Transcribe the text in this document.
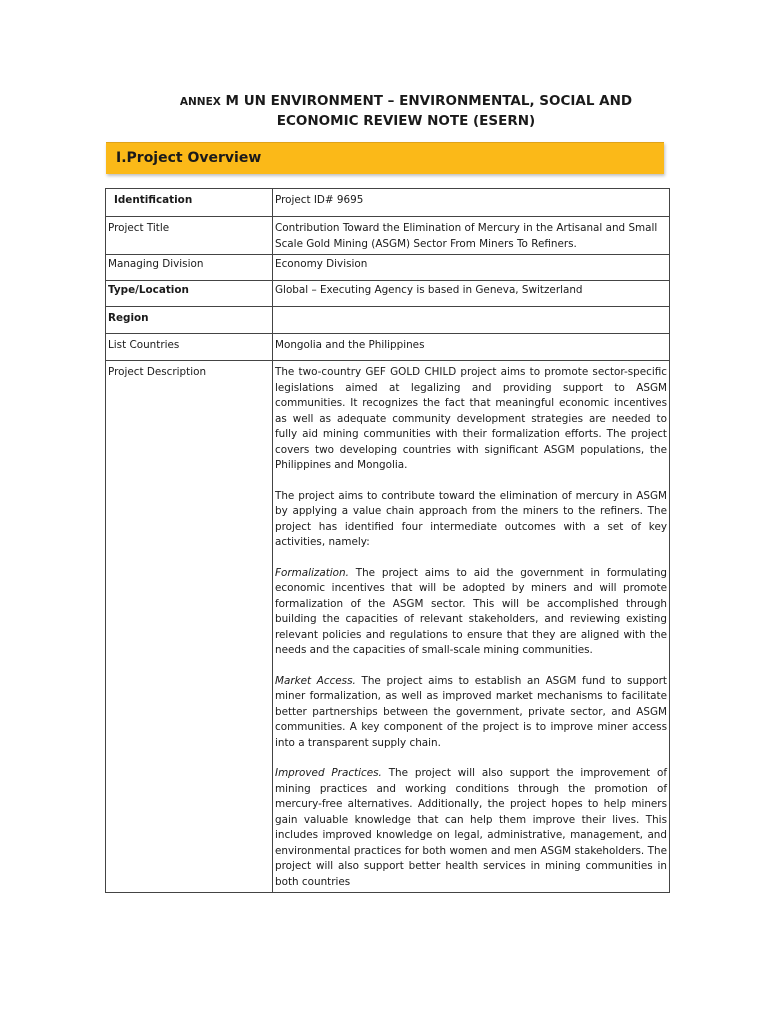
ANNEX M UN ENVIRONMENT – ENVIRONMENTAL, SOCIAL AND
ECONOMIC REVIEW NOTE (ESERN)
I.Project Overview
Identification	Project ID# 9695
Project Title	Contribution Toward the Elimination of Mercury in the Artisanal and Small Scale Gold Mining (ASGM) Sector From Miners To Refiners.
Managing Division	Economy Division
Type/Location	Global – Executing Agency is based in Geneva, Switzerland
Region	
List Countries	Mongolia and the Philippines
Project Description	The two-country GEF GOLD CHILD project aims to promote sector-specific legislations aimed at legalizing and providing support to ASGM communities. It recognizes the fact that meaningful economic incentives as well as adequate community development strategies are needed to fully aid mining communities with their formalization efforts. The project covers two developing countries with significant ASGM populations, the Philippines and Mongolia.

The project aims to contribute toward the elimination of mercury in ASGM by applying a value chain approach from the miners to the refiners. The project has identified four intermediate outcomes with a set of key activities, namely:

Formalization. The project aims to aid the government in formulating economic incentives that will be adopted by miners and will promote formalization of the ASGM sector. This will be accomplished through building the capacities of relevant stakeholders, and reviewing existing relevant policies and regulations to ensure that they are aligned with the needs and the capacities of small-scale mining communities.

Market Access. The project aims to establish an ASGM fund to support miner formalization, as well as improved market mechanisms to facilitate better partnerships between the government, private sector, and ASGM communities. A key component of the project is to improve miner access into a transparent supply chain.

Improved Practices. The project will also support the improvement of mining practices and working conditions through the promotion of mercury-free alternatives. Additionally, the project hopes to help miners gain valuable knowledge that can help them improve their lives. This includes improved knowledge on legal, administrative, management, and environmental practices for both women and men ASGM stakeholders. The project will also support better health services in mining communities in both countries
